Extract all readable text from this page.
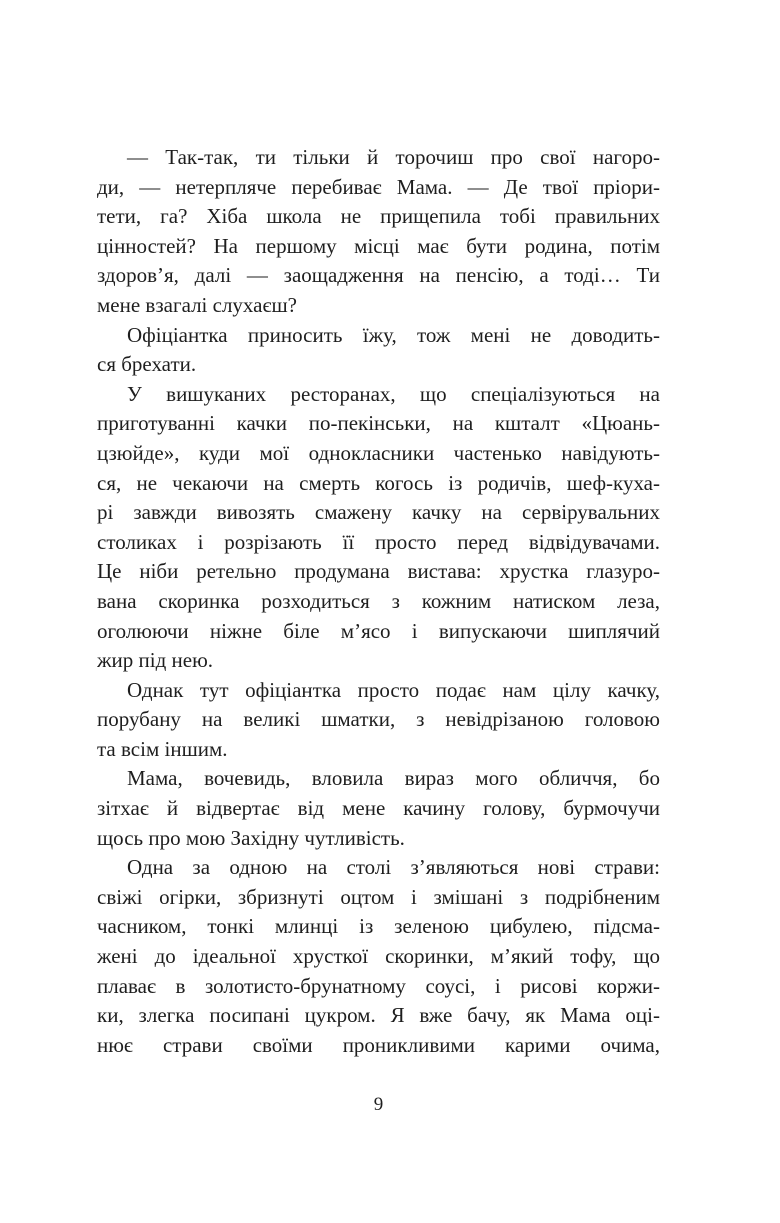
— Так-так, ти тільки й торочиш про свої нагоро-
ди, — нетерпляче перебиває Мама. — Де твої пріори-
тети, га? Хіба школа не прищепила тобі правильних
цінностей? На першому місці має бути родина, потім
здоров’я, далі — заощадження на пенсію, а тоді… Ти
мене взагалі слухаєш?
Офіціантка приносить їжу, тож мені не доводить-
ся брехати.
У вишуканих ресторанах, що спеціалізуються на
приготуванні качки по-пекінськи, на кшталт «Цюань-
цзюйде», куди мої однокласники частенько навідують-
ся, не чекаючи на смерть когось із родичів, шеф-куха-
рі завжди вивозять смажену качку на сервірувальних
столиках і розрізають її просто перед відвідувачами.
Це ніби ретельно продумана вистава: хрустка глазуро-
вана скоринка розходиться з кожним натиском леза,
оголюючи ніжне біле м’ясо і випускаючи шиплячий
жир під нею.
Однак тут офіціантка просто подає нам цілу качку,
порубану на великі шматки, з невідрізаною головою
та всім іншим.
Мама, вочевидь, вловила вираз мого обличчя, бо
зітхає й відвертає від мене качину голову, бурмочучи
щось про мою Західну чутливість.
Одна за одною на столі з’являються нові страви:
свіжі огірки, збризнуті оцтом і змішані з подрібненим
часником, тонкі млинці із зеленою цибулею, підсма-
жені до ідеальної хрусткої скоринки, м’який тофу, що
плаває в золотисто-брунатному соусі, і рисові коржи-
ки, злегка посипані цукром. Я вже бачу, як Мама оці-
нює страви своїми проникливими карими очима,
9
